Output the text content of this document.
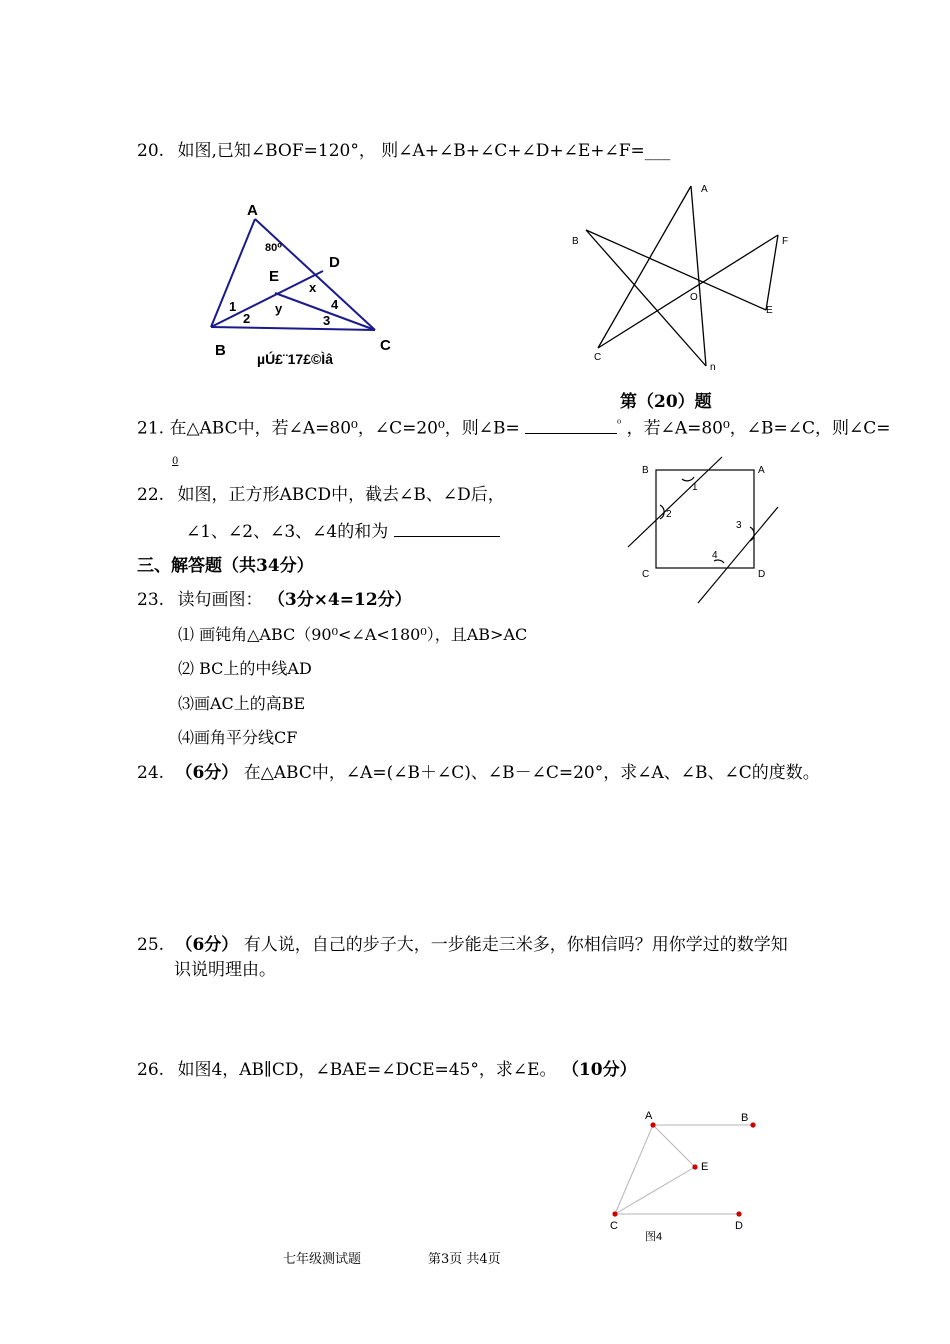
20. 如图,已知∠BOF=120°， 则∠A+∠B+∠C+∠D+∠E+∠F=___
A
B	C
D
E
x
y
1
2	3
4
80⁰
µÚ£¨17£©Ìâ
A
B
C
n
E
F
O
第（20）题
21. 在△ABC中，若∠A=80⁰，∠C=20⁰，则∠B=	$^{^0}$ ，若∠A=80⁰，∠B=∠C，则∠C=
0
B	A
C	D
1
2
3
4
22. 如图，正方形ABCD中，截去∠B、∠D后，
∠1、∠2、∠3、∠4的和为
三、解答题（共34分）
23. 读句画图： （3分×4=12分）
⑴ 画钝角△ABC（90⁰<∠A<180⁰），且AB>AC
⑵ BC上的中线AD
⑶画AC上的高BE
⑷画角平分线CF
24. （6分） 在△ABC中，∠A=(∠B＋∠C)、∠B－∠C=20°，求∠A、∠B、∠C的度数。
25. （6分） 有人说，自己的步子大，一步能走三米多，你相信吗？用你学过的数学知
识说明理由。
26. 如图4，AB∥CD，∠BAE=∠DCE=45°，求∠E。 （10分）
A	B
E
C	D
图4
七年级测试题	第3页 共4页
